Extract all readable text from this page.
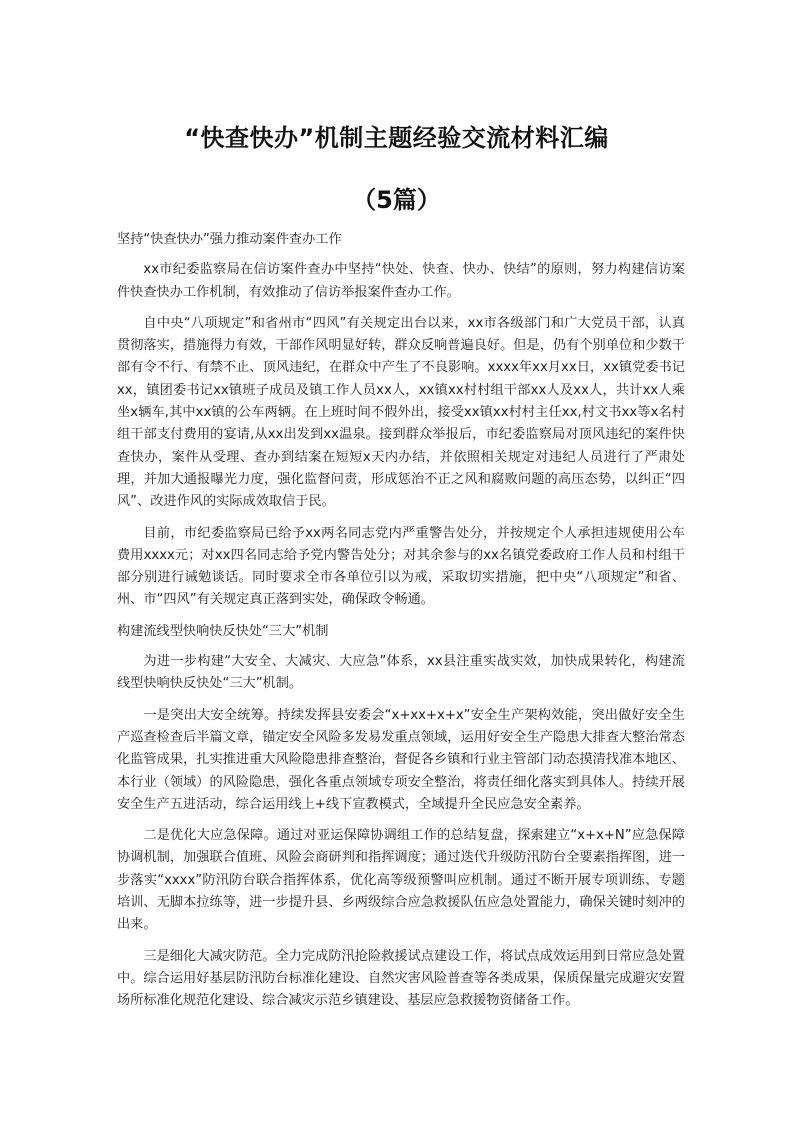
“快查快办”机制主题经验交流材料汇编
（5篇）

坚持“快查快办”强力推动案件查办工作

xx市纪委监察局在信访案件查办中坚持“快处、快查、快办、快结”的原则，努力构建信访案件快查快办工作机制，有效推动了信访举报案件查办工作。

自中央“八项规定”和省州市“四风”有关规定出台以来，xx市各级部门和广大党员干部，认真贯彻落实，措施得力有效，干部作风明显好转，群众反响普遍良好。但是，仍有个别单位和少数干部有令不行、有禁不止、顶风违纪，在群众中产生了不良影响。xxxx年xx月xx日，xx镇党委书记xx，镇团委书记xx镇班子成员及镇工作人员xx人，xx镇xx村村组干部xx人及xx人，共计xx人乘坐x辆车,其中xx镇的公车两辆。在上班时间不假外出，接受xx镇xx村村主任xx,村文书xx等x名村组干部支付费用的宴请,从xx出发到xx温泉。接到群众举报后，市纪委监察局对顶风违纪的案件快查快办，案件从受理、查办到结案在短短x天内办结，并依照相关规定对违纪人员进行了严肃处理，并加大通报曝光力度，强化监督问责，形成惩治不正之风和腐败问题的高压态势，以纠正“四风”、改进作风的实际成效取信于民。

目前，市纪委监察局已给予xx两名同志党内严重警告处分，并按规定个人承担违规使用公车费用xxxx元；对xx四名同志给予党内警告处分；对其余参与的xx名镇党委政府工作人员和村组干部分别进行诫勉谈话。同时要求全市各单位引以为戒，采取切实措施，把中央“八项规定”和省、州、市“四风”有关规定真正落到实处，确保政令畅通。

构建流线型快响快反快处“三大”机制

为进一步构建“大安全、大减灾、大应急”体系，xx县注重实战实效，加快成果转化，构建流线型快响快反快处“三大”机制。

一是突出大安全统筹。持续发挥县安委会“x+xx+x+x”安全生产架构效能，突出做好安全生产巡查检查后半篇文章，锚定安全风险多发易发重点领域，运用好安全生产隐患大排查大整治常态化监管成果，扎实推进重大风险隐患排查整治，督促各乡镇和行业主管部门动态摸清找准本地区、本行业（领域）的风险隐患，强化各重点领域专项安全整治，将责任细化落实到具体人。持续开展安全生产五进活动，综合运用线上+线下宣教模式，全域提升全民应急安全素养。

二是优化大应急保障。通过对亚运保障协调组工作的总结复盘，探索建立“x+x+N”应急保障协调机制，加强联合值班、风险会商研判和指挥调度；通过迭代升级防汛防台全要素指挥图，进一步落实“xxxx”防汛防台联合指挥体系，优化高等级预警叫应机制。通过不断开展专项训练、专题培训、无脚本拉练等，进一步提升县、乡两级综合应急救援队伍应急处置能力，确保关键时刻冲的出来。

三是细化大减灾防范。全力完成防汛抢险救援试点建设工作，将试点成效运用到日常应急处置中。综合运用好基层防汛防台标准化建设、自然灾害风险普查等各类成果，保质保量完成避灾安置场所标准化规范化建设、综合减灾示范乡镇建设、基层应急救援物资储备工作。
